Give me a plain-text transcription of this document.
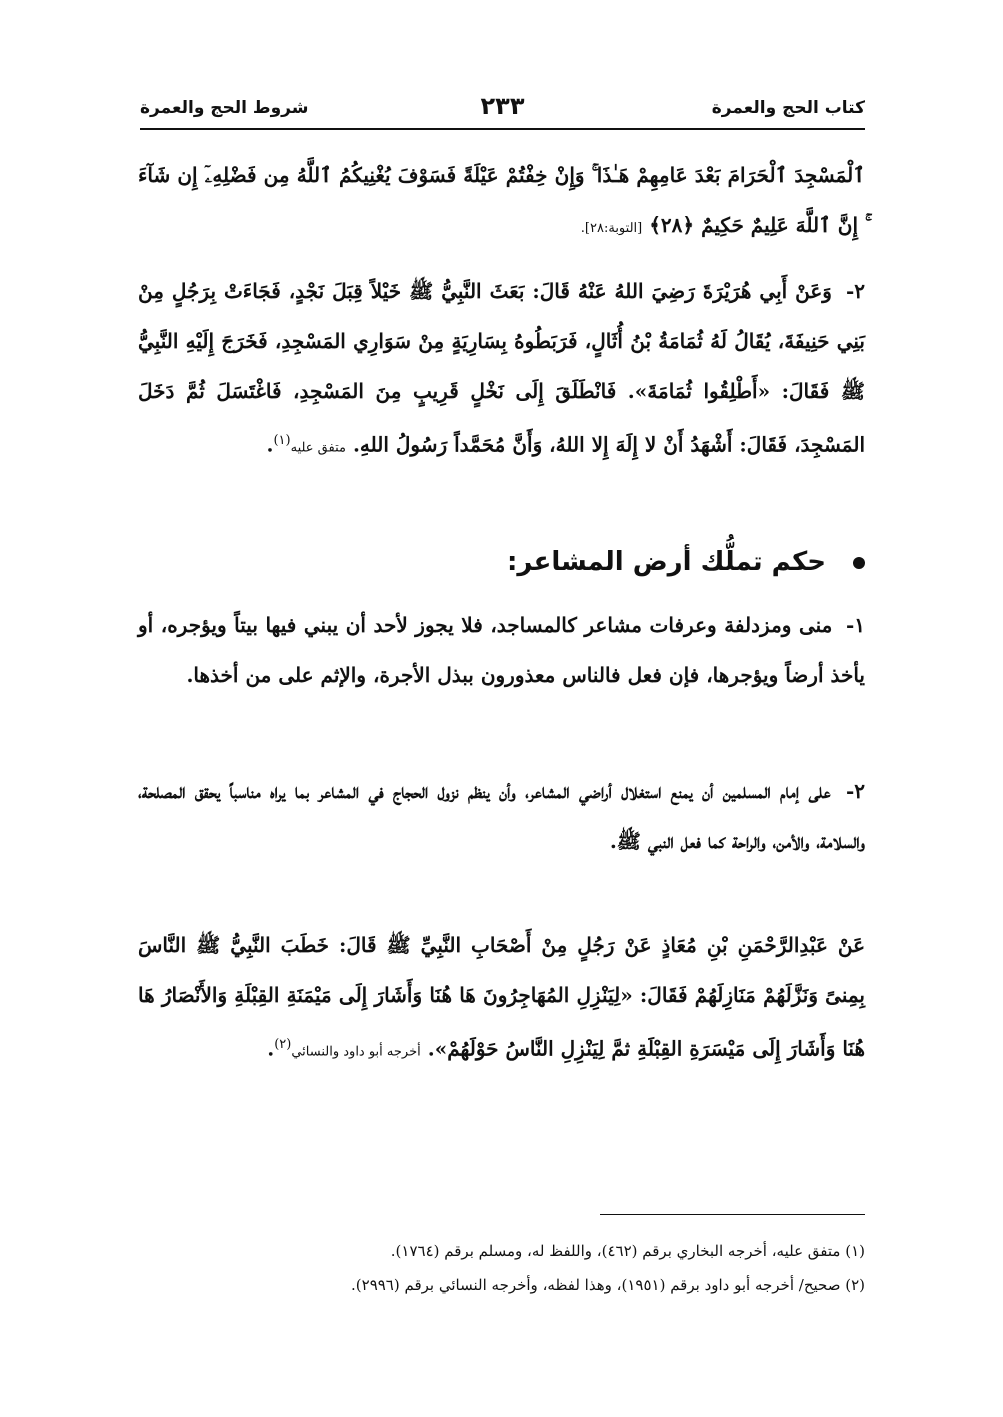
كتاب الحج والعمرة
٢٣٣
شروط الحج والعمرة
ٱلْمَسْجِدَ ٱلْحَرَامَ بَعْدَ عَامِهِمْ هَـٰذَا ۚ وَإِنْ خِفْتُمْ عَيْلَةً فَسَوْفَ يُغْنِيكُمُ ٱللَّهُ مِن فَضْلِهِۦٓ إِن شَآءَ ۚ إِنَّ ٱللَّهَ عَلِيمٌ حَكِيمٌ ﴿٢٨﴾ [التوبة:٢٨].
٢- وَعَنْ أَبِي هُرَيْرَةَ رَضِيَ اللهُ عَنْهُ قَالَ: بَعَثَ النَّبِيُّ ﷺ خَيْلاً قِبَلَ نَجْدٍ، فَجَاءَتْ بِرَجُلٍ مِنْ بَنِي حَنِيفَةَ، يُقَالُ لَهُ ثُمَامَةُ بْنُ أُثَالٍ، فَرَبَطُوهُ بِسَارِيَةٍ مِنْ سَوَارِي المَسْجِدِ، فَخَرَجَ إِلَيْهِ النَّبِيُّ ﷺ فَقَالَ: «أَطْلِقُوا ثُمَامَةَ». فَانْطَلَقَ إِلَى نَخْلٍ قَرِيبٍ مِنَ المَسْجِدِ، فَاغْتَسَلَ ثُمَّ دَخَلَ المَسْجِدَ، فَقَالَ: أَشْهَدُ أَنْ لا إِلَهَ إِلا اللهُ، وَأَنَّ مُحَمَّداً رَسُولُ اللهِ. متفق عليه$^{(١)}$.
حكم تملُّك أرض المشاعر:
١- منى ومزدلفة وعرفات مشاعر كالمساجد، فلا يجوز لأحد أن يبني فيها بيتاً ويؤجره، أو يأخذ أرضاً ويؤجرها، فإن فعل فالناس معذورون ببذل الأجرة، والإثم على من أخذها.
٢- على إمام المسلمين أن يمنع استغلال أراضي المشاعر، وأن ينظم نزول الحجاج في المشاعر بما يراه مناسباً يحقق المصلحة، والسلامة، والأمن، والراحة كما فعل النبي ﷺ.
عَنْ عَبْدِالرَّحْمَنِ بْنِ مُعَاذٍ عَنْ رَجُلٍ مِنْ أَصْحَابِ النَّبِيِّ ﷺ قَالَ: خَطَبَ النَّبِيُّ ﷺ النَّاسَ بِمِنىً وَنَزَّلَهُمْ مَنَازِلَهُمْ فَقَالَ: «لِيَنْزِلِ المُهَاجِرُونَ هَا هُنَا وَأَشَارَ إِلَى مَيْمَنَةِ القِبْلَةِ وَالأَنْصَارُ هَا هُنَا وَأَشَارَ إِلَى مَيْسَرَةِ القِبْلَةِ ثمَّ لِيَنْزِلِ النَّاسُ حَوْلَهُمْ». أخرجه أبو داود والنسائي$^{(٢)}$.
(١) متفق عليه، أخرجه البخاري برقم (٤٦٢)، واللفظ له، ومسلم برقم (١٧٦٤).
(٢) صحيح/ أخرجه أبو داود برقم (١٩٥١)، وهذا لفظه، وأخرجه النسائي برقم (٢٩٩٦).
